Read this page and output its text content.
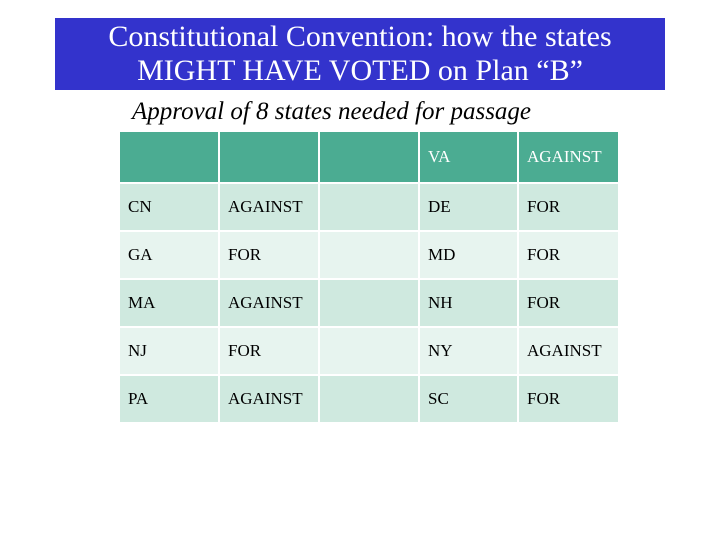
Constitutional Convention: how the states
MIGHT HAVE VOTED on Plan “B”
Approval of 8 states needed for passage
			VA	AGAINST
CN	AGAINST		DE	FOR
GA	FOR		MD	FOR
MA	AGAINST		NH	FOR
NJ	FOR		NY	AGAINST
PA	AGAINST		SC	FOR
